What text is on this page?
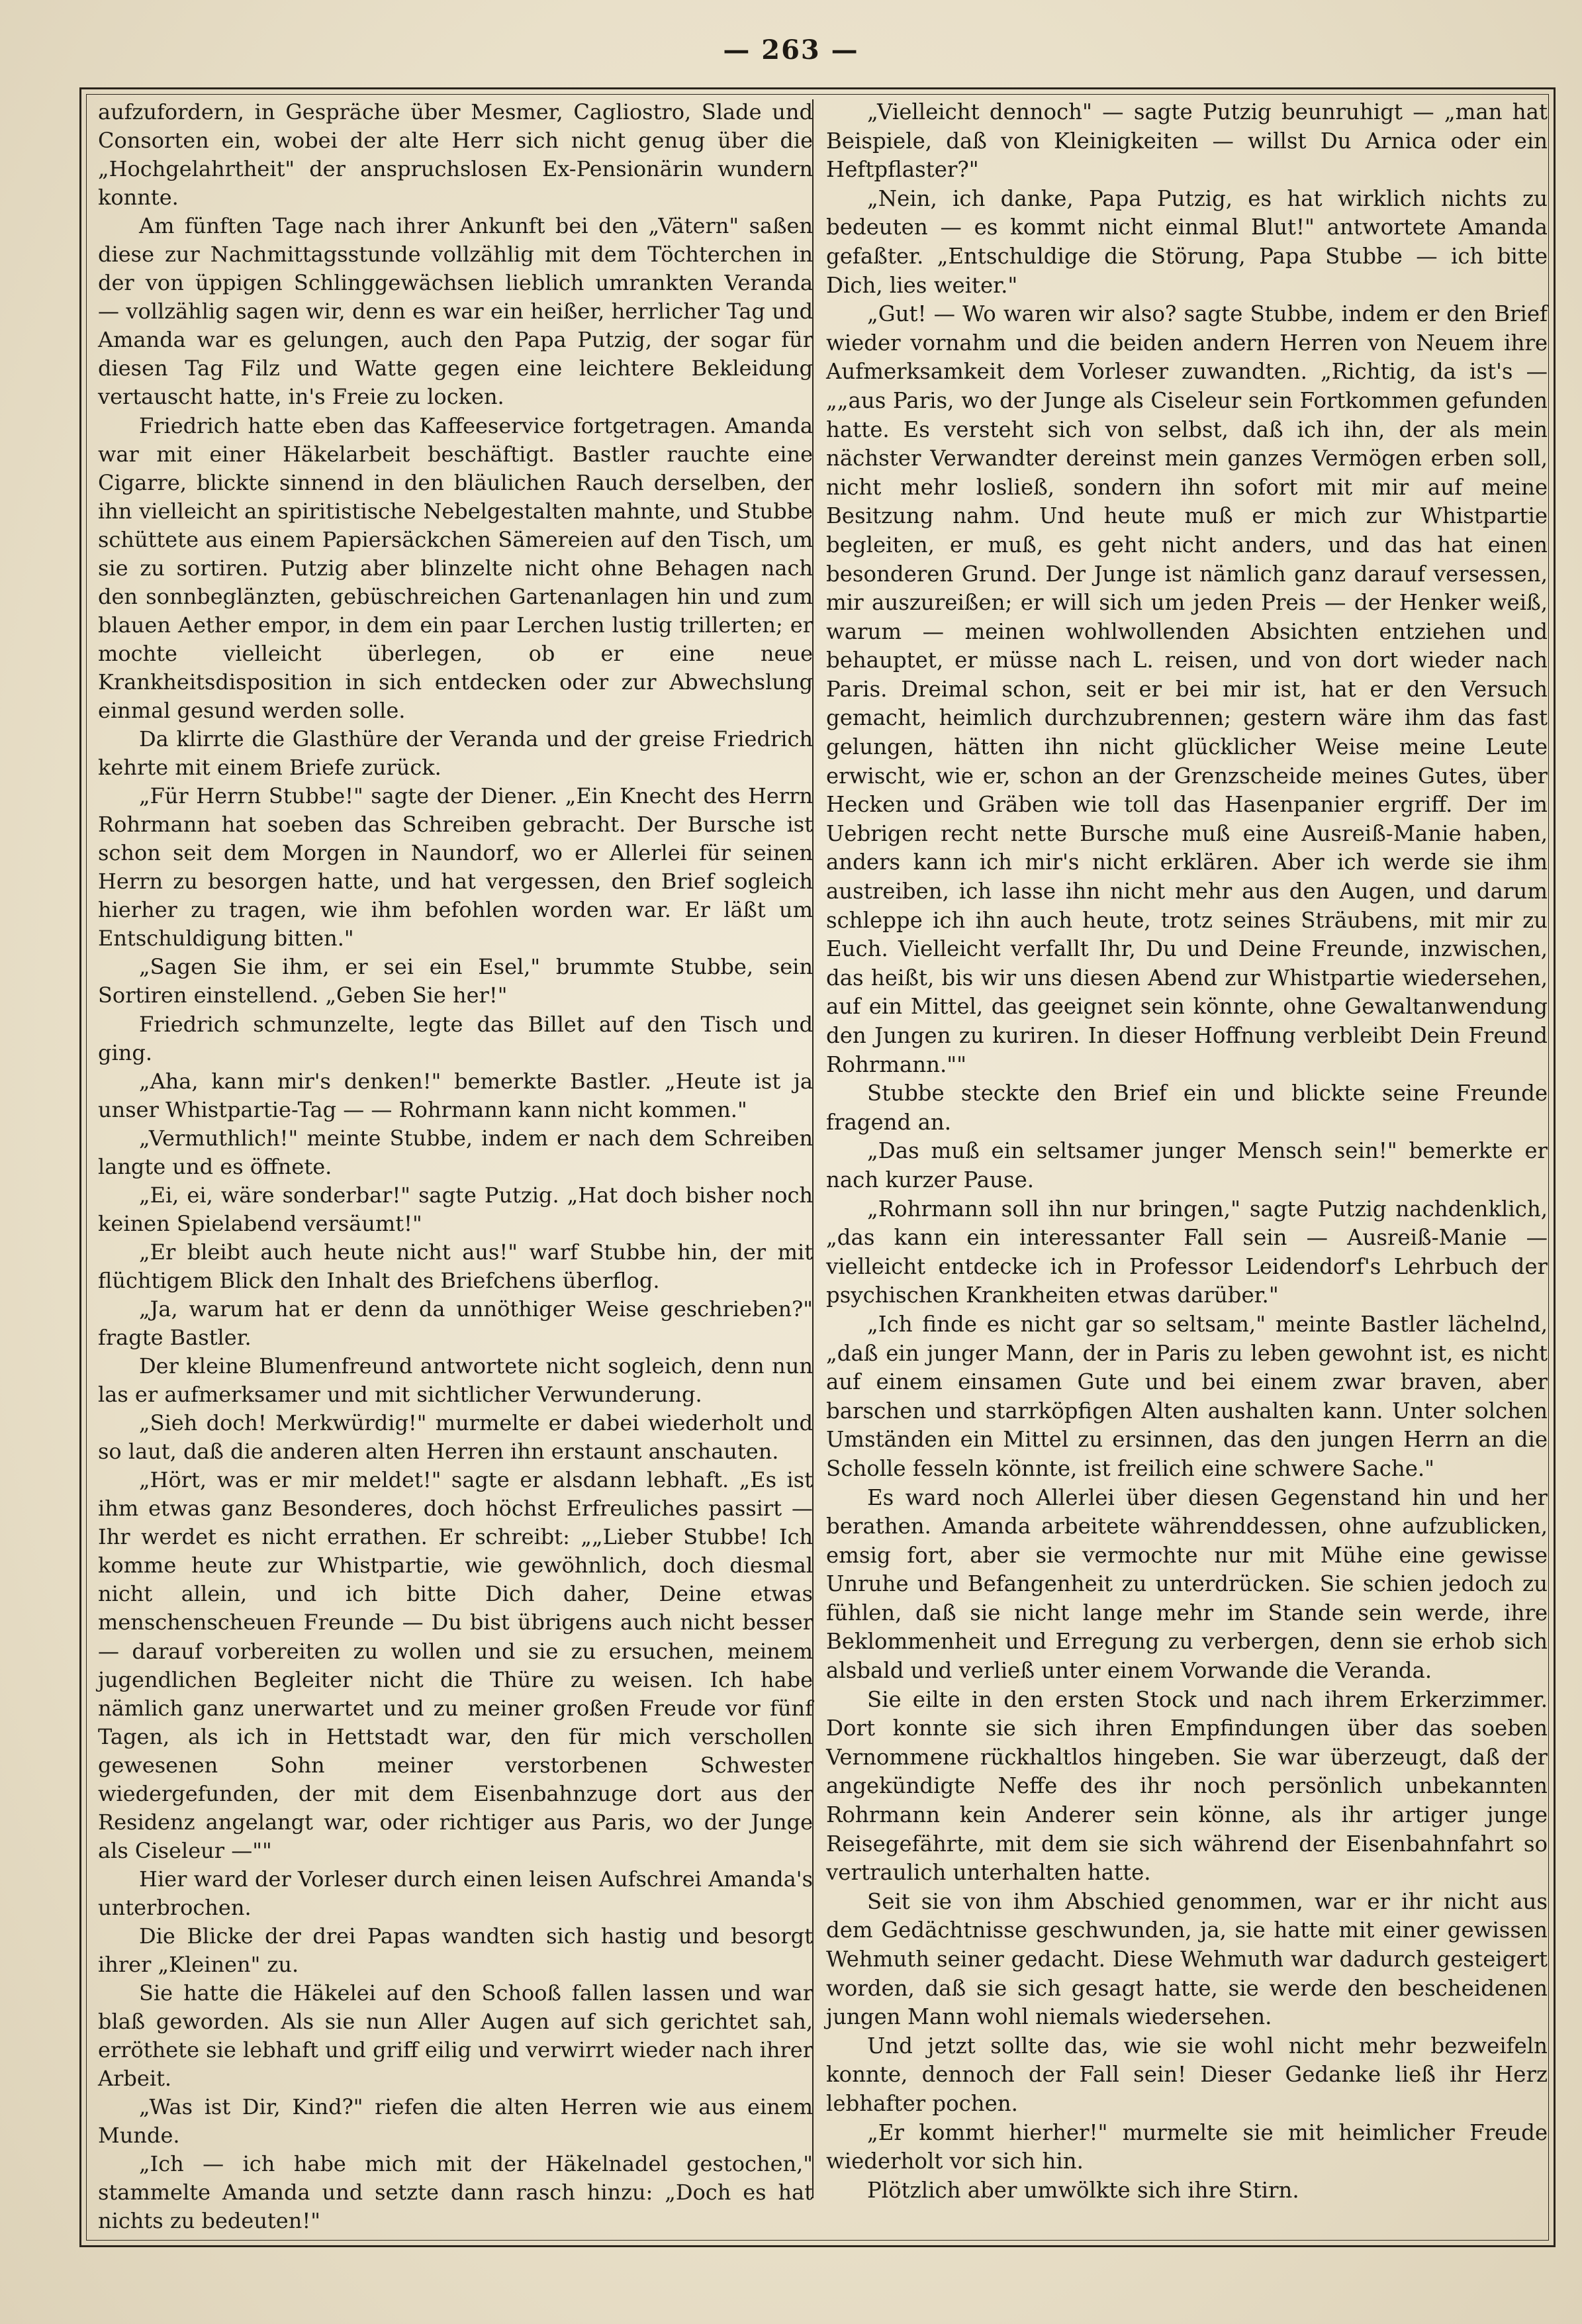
— 263 —

aufzufordern, in Gespräche über Mesmer, Cagliostro, Slade und Consorten ein, wobei der alte Herr sich nicht genug über die „Hochgelahrtheit" der anspruchslosen Ex-Pensionärin wundern konnte.

Am fünften Tage nach ihrer Ankunft bei den „Vätern" saßen diese zur Nachmittagsstunde vollzählig mit dem Töchterchen in der von üppigen Schlinggewächsen lieblich umrankten Veranda — vollzählig sagen wir, denn es war ein heißer, herrlicher Tag und Amanda war es gelungen, auch den Papa Putzig, der sogar für diesen Tag Filz und Watte gegen eine leichtere Bekleidung vertauscht hatte, in's Freie zu locken.

Friedrich hatte eben das Kaffeeservice fortgetragen. Amanda war mit einer Häkelarbeit beschäftigt. Bastler rauchte eine Cigarre, blickte sinnend in den bläulichen Rauch derselben, der ihn vielleicht an spiritistische Nebelgestalten mahnte, und Stubbe schüttete aus einem Papiersäckchen Sämereien auf den Tisch, um sie zu sortiren. Putzig aber blinzelte nicht ohne Behagen nach den sonnbeglänzten, gebüschreichen Gartenanlagen hin und zum blauen Aether empor, in dem ein paar Lerchen lustig trillerten; er mochte vielleicht überlegen, ob er eine neue Krankheitsdisposition in sich entdecken oder zur Abwechslung einmal gesund werden solle.

Da klirrte die Glasthüre der Veranda und der greise Friedrich kehrte mit einem Briefe zurück.

„Für Herrn Stubbe!" sagte der Diener. „Ein Knecht des Herrn Rohrmann hat soeben das Schreiben gebracht. Der Bursche ist schon seit dem Morgen in Naundorf, wo er Allerlei für seinen Herrn zu besorgen hatte, und hat vergessen, den Brief sogleich hierher zu tragen, wie ihm befohlen worden war. Er läßt um Entschuldigung bitten."

„Sagen Sie ihm, er sei ein Esel," brummte Stubbe, sein Sortiren einstellend. „Geben Sie her!"

Friedrich schmunzelte, legte das Billet auf den Tisch und ging.

„Aha, kann mir's denken!" bemerkte Bastler. „Heute ist ja unser Whistpartie-Tag — — Rohrmann kann nicht kommen."

„Vermuthlich!" meinte Stubbe, indem er nach dem Schreiben langte und es öffnete.

„Ei, ei, wäre sonderbar!" sagte Putzig. „Hat doch bisher noch keinen Spielabend versäumt!"

„Er bleibt auch heute nicht aus!" warf Stubbe hin, der mit flüchtigem Blick den Inhalt des Briefchens überflog.

„Ja, warum hat er denn da unnöthiger Weise geschrieben?" fragte Bastler.

Der kleine Blumenfreund antwortete nicht sogleich, denn nun las er aufmerksamer und mit sichtlicher Verwunderung.

„Sieh doch! Merkwürdig!" murmelte er dabei wiederholt und so laut, daß die anderen alten Herren ihn erstaunt anschauten.

„Hört, was er mir meldet!" sagte er alsdann lebhaft. „Es ist ihm etwas ganz Besonderes, doch höchst Erfreuliches passirt — Ihr werdet es nicht errathen. Er schreibt: „„Lieber Stubbe! Ich komme heute zur Whistpartie, wie gewöhnlich, doch diesmal nicht allein, und ich bitte Dich daher, Deine etwas menschenscheuen Freunde — Du bist übrigens auch nicht besser — darauf vorbereiten zu wollen und sie zu ersuchen, meinem jugendlichen Begleiter nicht die Thüre zu weisen. Ich habe nämlich ganz unerwartet und zu meiner großen Freude vor fünf Tagen, als ich in Hettstadt war, den für mich verschollen gewesenen Sohn meiner verstorbenen Schwester wiedergefunden, der mit dem Eisenbahnzuge dort aus der Residenz angelangt war, oder richtiger aus Paris, wo der Junge als Ciseleur —""

Hier ward der Vorleser durch einen leisen Aufschrei Amanda's unterbrochen.

Die Blicke der drei Papas wandten sich hastig und besorgt ihrer „Kleinen" zu.

Sie hatte die Häkelei auf den Schooß fallen lassen und war blaß geworden. Als sie nun Aller Augen auf sich gerichtet sah, erröthete sie lebhaft und griff eilig und verwirrt wieder nach ihrer Arbeit.

„Was ist Dir, Kind?" riefen die alten Herren wie aus einem Munde.

„Ich — ich habe mich mit der Häkelnadel gestochen," stammelte Amanda und setzte dann rasch hinzu: „Doch es hat nichts zu bedeuten!"

„Vielleicht dennoch" — sagte Putzig beunruhigt — „man hat Beispiele, daß von Kleinigkeiten — willst Du Arnica oder ein Heftpflaster?"

„Nein, ich danke, Papa Putzig, es hat wirklich nichts zu bedeuten — es kommt nicht einmal Blut!" antwortete Amanda gefaßter. „Entschuldige die Störung, Papa Stubbe — ich bitte Dich, lies weiter."

„Gut! — Wo waren wir also? sagte Stubbe, indem er den Brief wieder vornahm und die beiden andern Herren von Neuem ihre Aufmerksamkeit dem Vorleser zuwandten. „Richtig, da ist's — „„aus Paris, wo der Junge als Ciseleur sein Fortkommen gefunden hatte. Es versteht sich von selbst, daß ich ihn, der als mein nächster Verwandter dereinst mein ganzes Vermögen erben soll, nicht mehr losließ, sondern ihn sofort mit mir auf meine Besitzung nahm. Und heute muß er mich zur Whistpartie begleiten, er muß, es geht nicht anders, und das hat einen besonderen Grund. Der Junge ist nämlich ganz darauf versessen, mir auszureißen; er will sich um jeden Preis — der Henker weiß, warum — meinen wohlwollenden Absichten entziehen und behauptet, er müsse nach L. reisen, und von dort wieder nach Paris. Dreimal schon, seit er bei mir ist, hat er den Versuch gemacht, heimlich durchzubrennen; gestern wäre ihm das fast gelungen, hätten ihn nicht glücklicher Weise meine Leute erwischt, wie er, schon an der Grenzscheide meines Gutes, über Hecken und Gräben wie toll das Hasenpanier ergriff. Der im Uebrigen recht nette Bursche muß eine Ausreiß-Manie haben, anders kann ich mir's nicht erklären. Aber ich werde sie ihm austreiben, ich lasse ihn nicht mehr aus den Augen, und darum schleppe ich ihn auch heute, trotz seines Sträubens, mit mir zu Euch. Vielleicht verfallt Ihr, Du und Deine Freunde, inzwischen, das heißt, bis wir uns diesen Abend zur Whistpartie wiedersehen, auf ein Mittel, das geeignet sein könnte, ohne Gewaltanwendung den Jungen zu kuriren. In dieser Hoffnung verbleibt Dein Freund Rohrmann.""

Stubbe steckte den Brief ein und blickte seine Freunde fragend an.

„Das muß ein seltsamer junger Mensch sein!" bemerkte er nach kurzer Pause.

„Rohrmann soll ihn nur bringen," sagte Putzig nachdenklich, „das kann ein interessanter Fall sein — Ausreiß-Manie — vielleicht entdecke ich in Professor Leidendorf's Lehrbuch der psychischen Krankheiten etwas darüber."

„Ich finde es nicht gar so seltsam," meinte Bastler lächelnd, „daß ein junger Mann, der in Paris zu leben gewohnt ist, es nicht auf einem einsamen Gute und bei einem zwar braven, aber barschen und starrköpfigen Alten aushalten kann. Unter solchen Umständen ein Mittel zu ersinnen, das den jungen Herrn an die Scholle fesseln könnte, ist freilich eine schwere Sache."

Es ward noch Allerlei über diesen Gegenstand hin und her berathen. Amanda arbeitete währenddessen, ohne aufzublicken, emsig fort, aber sie vermochte nur mit Mühe eine gewisse Unruhe und Befangenheit zu unterdrücken. Sie schien jedoch zu fühlen, daß sie nicht lange mehr im Stande sein werde, ihre Beklommenheit und Erregung zu verbergen, denn sie erhob sich alsbald und verließ unter einem Vorwande die Veranda.

Sie eilte in den ersten Stock und nach ihrem Erkerzimmer. Dort konnte sie sich ihren Empfindungen über das soeben Vernommene rückhaltlos hingeben. Sie war überzeugt, daß der angekündigte Neffe des ihr noch persönlich unbekannten Rohrmann kein Anderer sein könne, als ihr artiger junge Reisegefährte, mit dem sie sich während der Eisenbahnfahrt so vertraulich unterhalten hatte.

Seit sie von ihm Abschied genommen, war er ihr nicht aus dem Gedächtnisse geschwunden, ja, sie hatte mit einer gewissen Wehmuth seiner gedacht. Diese Wehmuth war dadurch gesteigert worden, daß sie sich gesagt hatte, sie werde den bescheidenen jungen Mann wohl niemals wiedersehen.

Und jetzt sollte das, wie sie wohl nicht mehr bezweifeln konnte, dennoch der Fall sein! Dieser Gedanke ließ ihr Herz lebhafter pochen.

„Er kommt hierher!" murmelte sie mit heimlicher Freude wiederholt vor sich hin.

Plötzlich aber umwölkte sich ihre Stirn.
